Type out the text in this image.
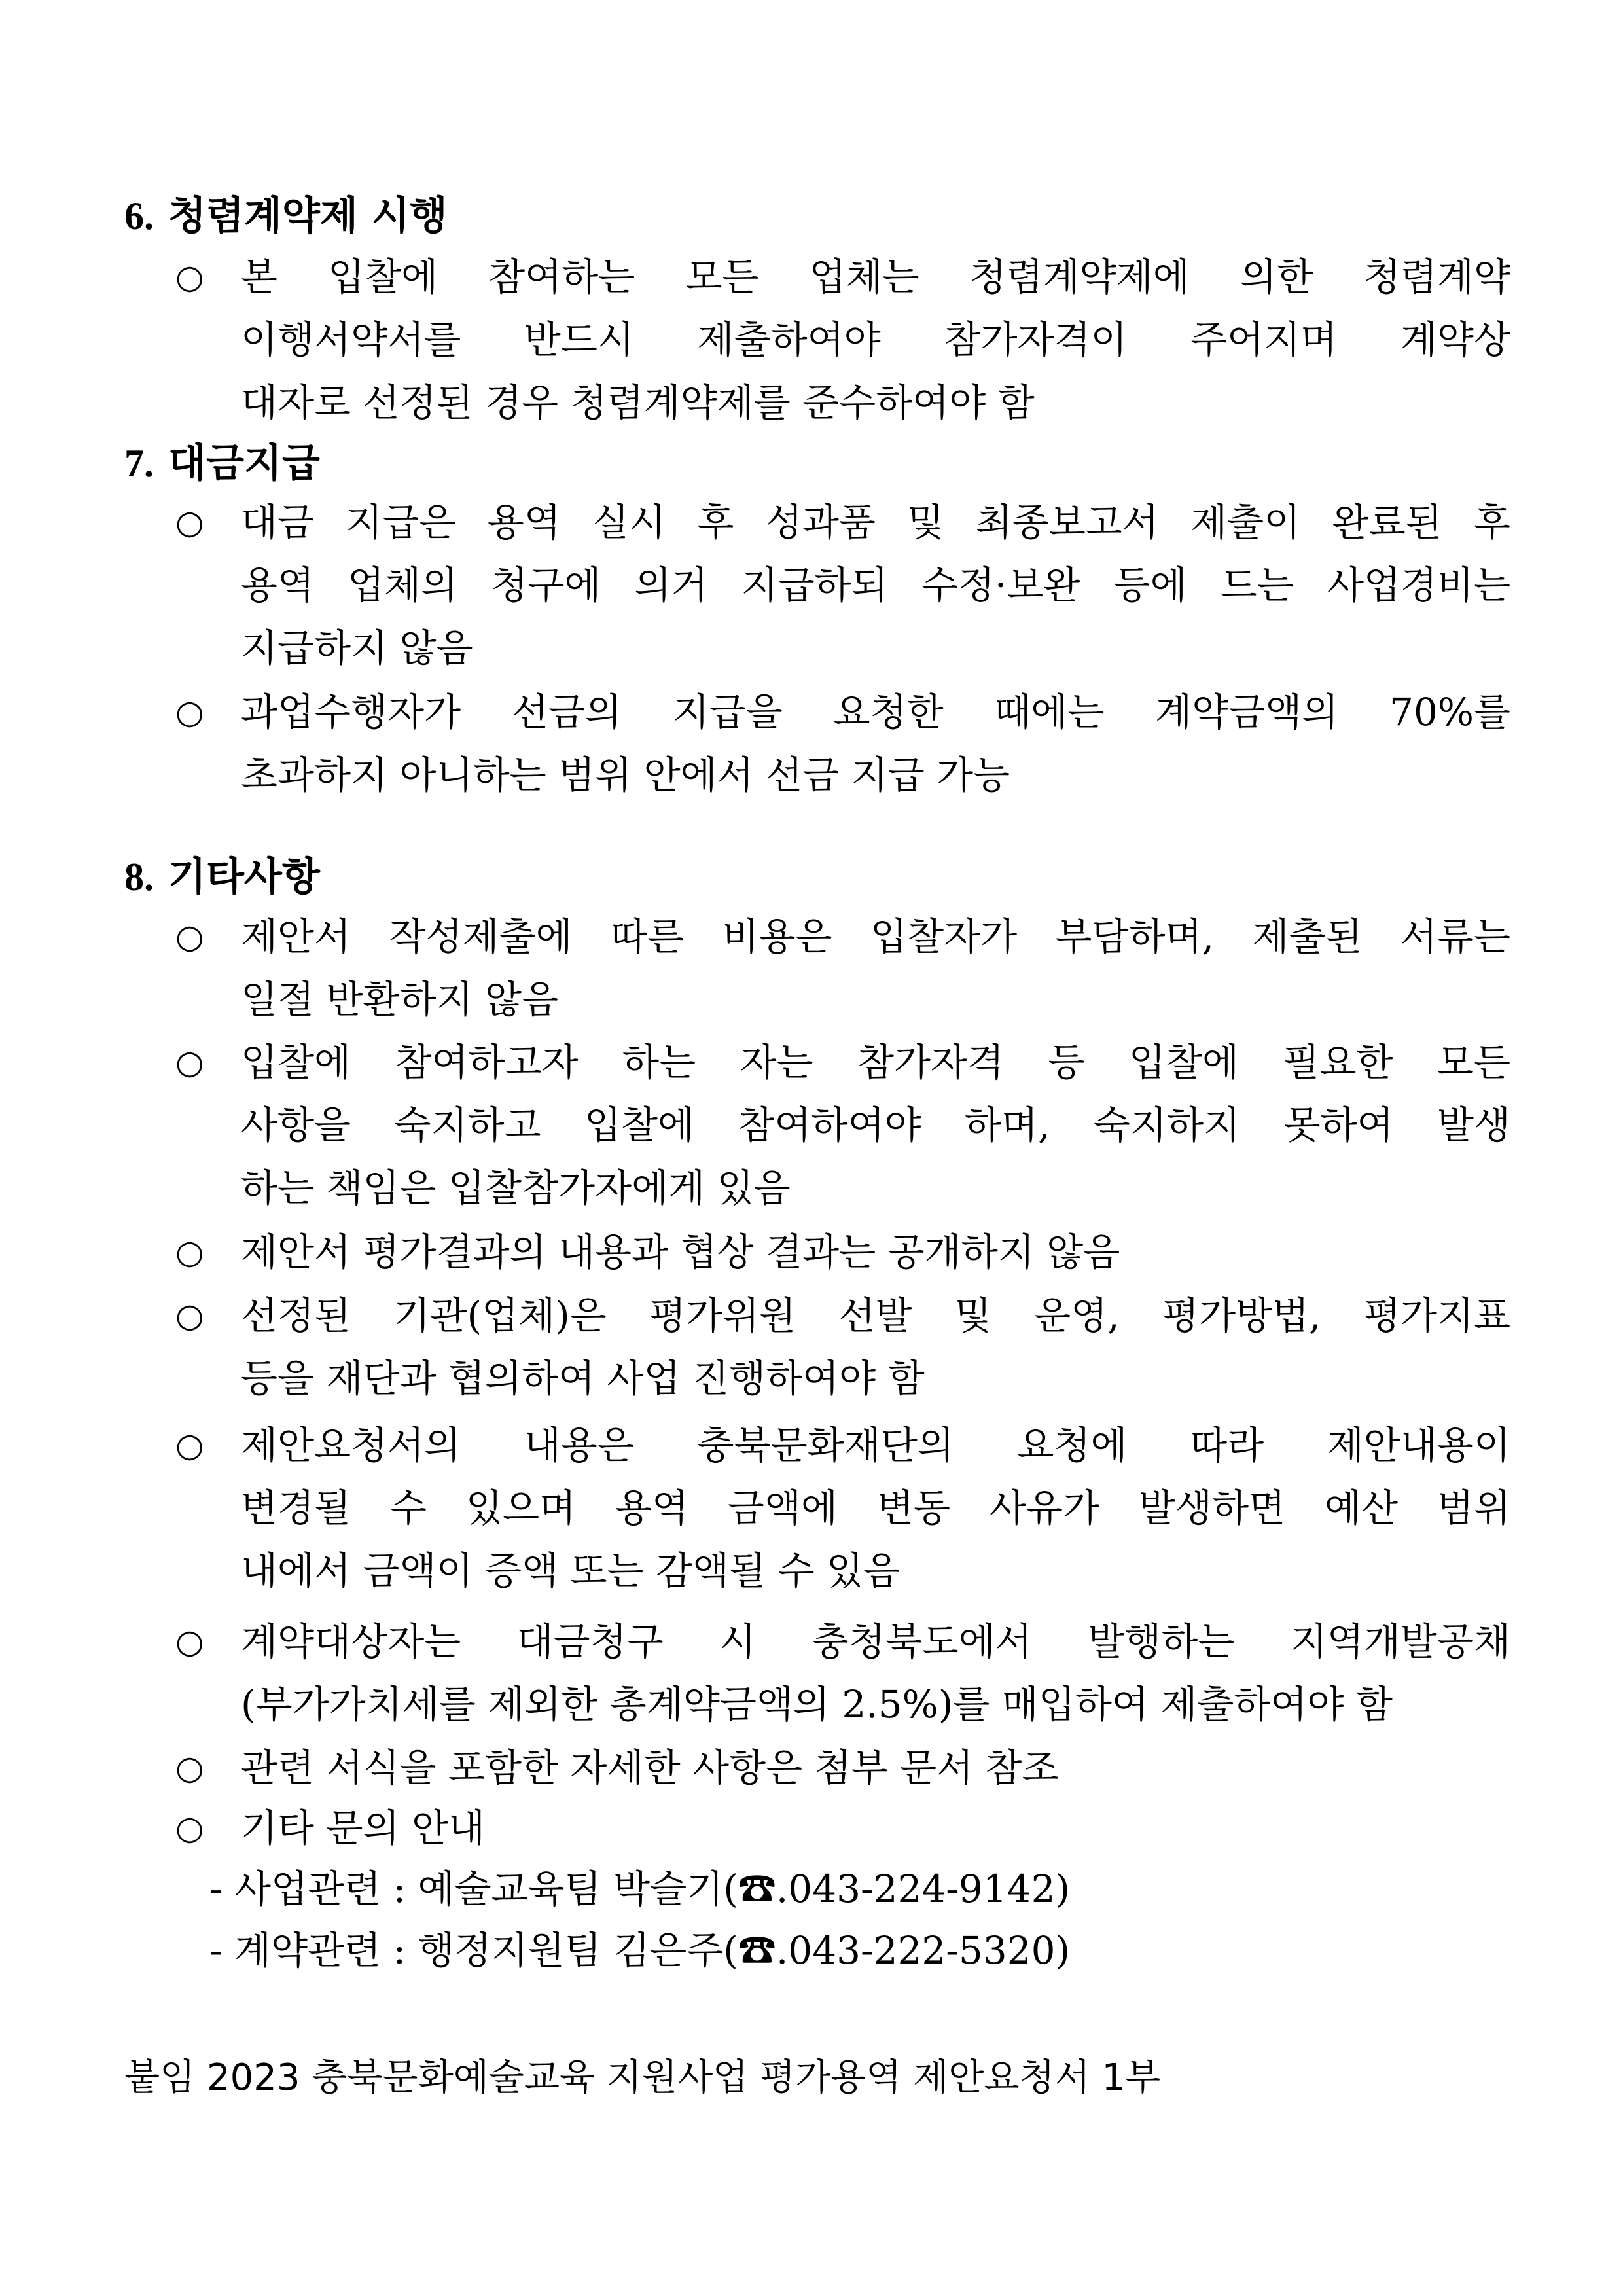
6. 청렴계약제 시행
○ 본 입찰에 참여하는 모든 업체는 청렴계약제에 의한 청렴계약
이행서약서를 반드시 제출하여야 참가자격이 주어지며 계약상
대자로 선정된 경우 청렴계약제를 준수하여야 함
7. 대금지급
○ 대금 지급은 용역 실시 후 성과품 및 최종보고서 제출이 완료된 후
용역 업체의 청구에 의거 지급하되 수정·보완 등에 드는 사업경비는
지급하지 않음
○ 과업수행자가 선금의 지급을 요청한 때에는 계약금액의 70%를
초과하지 아니하는 범위 안에서 선금 지급 가능
8. 기타사항
○ 제안서 작성제출에 따른 비용은 입찰자가 부담하며, 제출된 서류는
일절 반환하지 않음
○ 입찰에 참여하고자 하는 자는 참가자격 등 입찰에 필요한 모든
사항을 숙지하고 입찰에 참여하여야 하며, 숙지하지 못하여 발생
하는 책임은 입찰참가자에게 있음
○ 제안서 평가결과의 내용과 협상 결과는 공개하지 않음
○ 선정된 기관(업체)은 평가위원 선발 및 운영, 평가방법, 평가지표
등을 재단과 협의하여 사업 진행하여야 함
○ 제안요청서의 내용은 충북문화재단의 요청에 따라 제안내용이
변경될 수 있으며 용역 금액에 변동 사유가 발생하면 예산 범위
내에서 금액이 증액 또는 감액될 수 있음
○ 계약대상자는 대금청구 시 충청북도에서 발행하는 지역개발공채
(부가가치세를 제외한 총계약금액의 2.5%)를 매입하여 제출하여야 함
○ 관련 서식을 포함한 자세한 사항은 첨부 문서 참조
○ 기타 문의 안내
- 사업관련 : 예술교육팀 박슬기(☎.043-224-9142)
- 계약관련 : 행정지원팀 김은주(☎.043-222-5320)
붙임 2023 충북문화예술교육 지원사업 평가용역 제안요청서 1부
